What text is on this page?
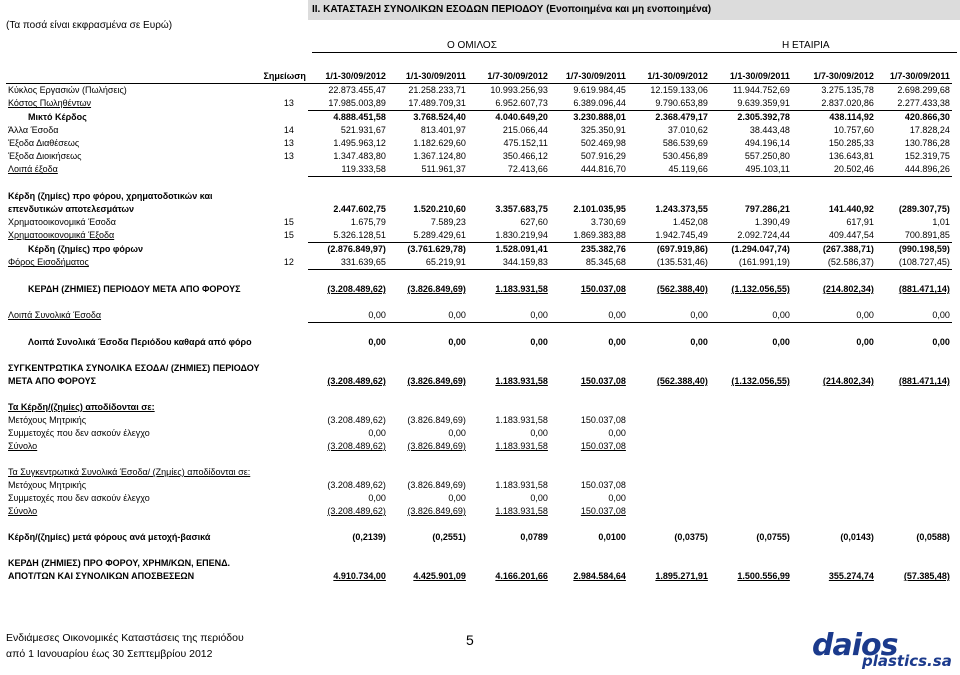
ΙΙ. ΚΑΤΑΣΤΑΣΗ ΣΥΝΟΛΙΚΩΝ ΕΣΟΔΩΝ ΠΕΡΙΟΔΟΥ (Ενοποιημένα και μη ενοποιημένα)
(Τα ποσά είναι εκφρασμένα σε Ευρώ)
Ο ΟΜΙΛΟΣ	Η ΕΤΑΙΡΙΑ
	Σημείωση	1/1-30/09/2012	1/1-30/09/2011	1/7-30/09/2012	1/7-30/09/2011	1/1-30/09/2012	1/1-30/09/2011	1/7-30/09/2012	1/7-30/09/2011
Κύκλος Εργασιών (Πωλήσεις)		22.873.455,47	21.258.233,71	10.993.256,93	9.619.984,45	12.159.133,06	11.944.752,69	3.275.135,78	2.698.299,68
Κόστος Πωληθέντων	13	17.985.003,89	17.489.709,31	6.952.607,73	6.389.096,44	9.790.653,89	9.639.359,91	2.837.020,86	2.277.433,38
Μικτό Κέρδος		4.888.451,58	3.768.524,40	4.040.649,20	3.230.888,01	2.368.479,17	2.305.392,78	438.114,92	420.866,30
Άλλα Έσοδα	14	521.931,67	813.401,97	215.066,44	325.350,91	37.010,62	38.443,48	10.757,60	17.828,24
Έξοδα Διαθέσεως	13	1.495.963,12	1.182.629,60	475.152,11	502.469,98	586.539,69	494.196,14	150.285,33	130.786,28
Έξοδα Διοικήσεως	13	1.347.483,80	1.367.124,80	350.466,12	507.916,29	530.456,89	557.250,80	136.643,81	152.319,75
Λοιπά έξοδα		119.333,58	511.961,37	72.413,66	444.816,70	45.119,66	495.103,11	20.502,46	444.896,26

Κέρδη (ζημίες) προ φόρου, χρηματοδοτικών και									
επενδυτικών αποτελεσμάτων		2.447.602,75	1.520.210,60	3.357.683,75	2.101.035,95	1.243.373,55	797.286,21	141.440,92	(289.307,75)
Χρηματοοικονομικά Έσοδα	15	1.675,79	7.589,23	627,60	3.730,69	1.452,08	1.390,49	617,91	1,01
Χρηματοοικονομικά Έξοδα	15	5.326.128,51	5.289.429,61	1.830.219,94	1.869.383,88	1.942.745,49	2.092.724,44	409.447,54	700.891,85
Κέρδη (ζημίες) προ φόρων		(2.876.849,97)	(3.761.629,78)	1.528.091,41	235.382,76	(697.919,86)	(1.294.047,74)	(267.388,71)	(990.198,59)
Φόρος Εισοδήματος	12	331.639,65	65.219,91	344.159,83	85.345,68	(135.531,46)	(161.991,19)	(52.586,37)	(108.727,45)

ΚΕΡΔΗ (ΖΗΜΙΕΣ) ΠΕΡΙΟΔΟΥ ΜΕΤΑ ΑΠΟ ΦΟΡΟΥΣ		(3.208.489,62)	(3.826.849,69)	1.183.931,58	150.037,08	(562.388,40)	(1.132.056,55)	(214.802,34)	(881.471,14)

Λοιπά Συνολικά Έσοδα		0,00	0,00	0,00	0,00	0,00	0,00	0,00	0,00

Λοιπά Συνολικά Έσοδα Περιόδου καθαρά από φόρο		0,00	0,00	0,00	0,00	0,00	0,00	0,00	0,00

ΣΥΓΚΕΝΤΡΩΤΙΚΑ ΣΥΝΟΛΙΚΑ ΕΣΟΔΑ/ (ΖΗΜΙΕΣ) ΠΕΡΙΟΔΟΥ									
ΜΕΤΑ ΑΠΟ ΦΟΡΟΥΣ		(3.208.489,62)	(3.826.849,69)	1.183.931,58	150.037,08	(562.388,40)	(1.132.056,55)	(214.802,34)	(881.471,14)

Τα Κέρδη/(ζημίες) αποδίδονται σε:									
Μετόχους Μητρικής		(3.208.489,62)	(3.826.849,69)	1.183.931,58	150.037,08				
Συμμετοχές που δεν ασκούν έλεγχο		0,00	0,00	0,00	0,00				
Σύνολο		(3.208.489,62)	(3.826.849,69)	1.183.931,58	150.037,08				

Τα Συγκεντρωτικά Συνολικά Έσοδα/ (Ζημίες) αποδίδονται σε:									
Μετόχους Μητρικής		(3.208.489,62)	(3.826.849,69)	1.183.931,58	150.037,08				
Συμμετοχές που δεν ασκούν έλεγχο		0,00	0,00	0,00	0,00				
Σύνολο		(3.208.489,62)	(3.826.849,69)	1.183.931,58	150.037,08				

Κέρδη/(ζημίες) μετά φόρους ανά μετοχή-βασικά		(0,2139)	(0,2551)	0,0789	0,0100	(0,0375)	(0,0755)	(0,0143)	(0,0588)

ΚΕΡΔΗ (ΖΗΜΙΕΣ) ΠΡΟ ΦΟΡΟΥ, ΧΡΗΜ/ΚΩΝ, ΕΠΕΝΔ.									
ΑΠΟΤ/ΤΩΝ ΚΑΙ ΣΥΝΟΛΙΚΩΝ ΑΠΟΣΒΕΣΕΩΝ		4.910.734,00	4.425.901,09	4.166.201,66	2.984.584,64	1.895.271,91	1.500.556,99	355.274,74	(57.385,48)
Ενδιάμεσες Οικονομικές Καταστάσεις της περιόδου
από 1 Ιανουαρίου έως 30 Σεπτεμβρίου 2012
5	daios
plastics.sa
